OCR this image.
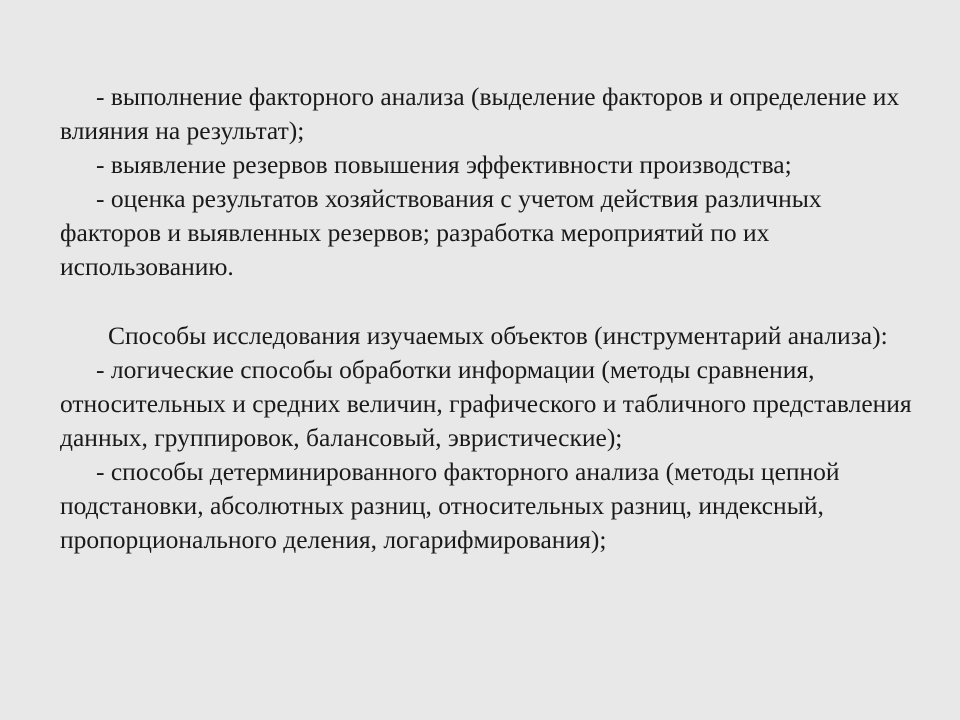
- выполнение факторного анализа (выделение факторов и определение их влияния на результат);

- выявление резервов повышения эффективности производства;

- оценка результатов хозяйствования с учетом действия различных факторов и выявленных резервов; разработка мероприятий по их использованию.

Способы исследования изучаемых объектов (инструментарий анализа):

- логические способы обработки информации (методы сравнения, относительных и средних величин, графического и табличного представления данных, группировок, балансовый, эвристические);

- способы детерминированного факторного анализа (методы цепной подстановки, абсолютных разниц, относительных разниц, индексный, пропорционального деления, логарифмирования);
